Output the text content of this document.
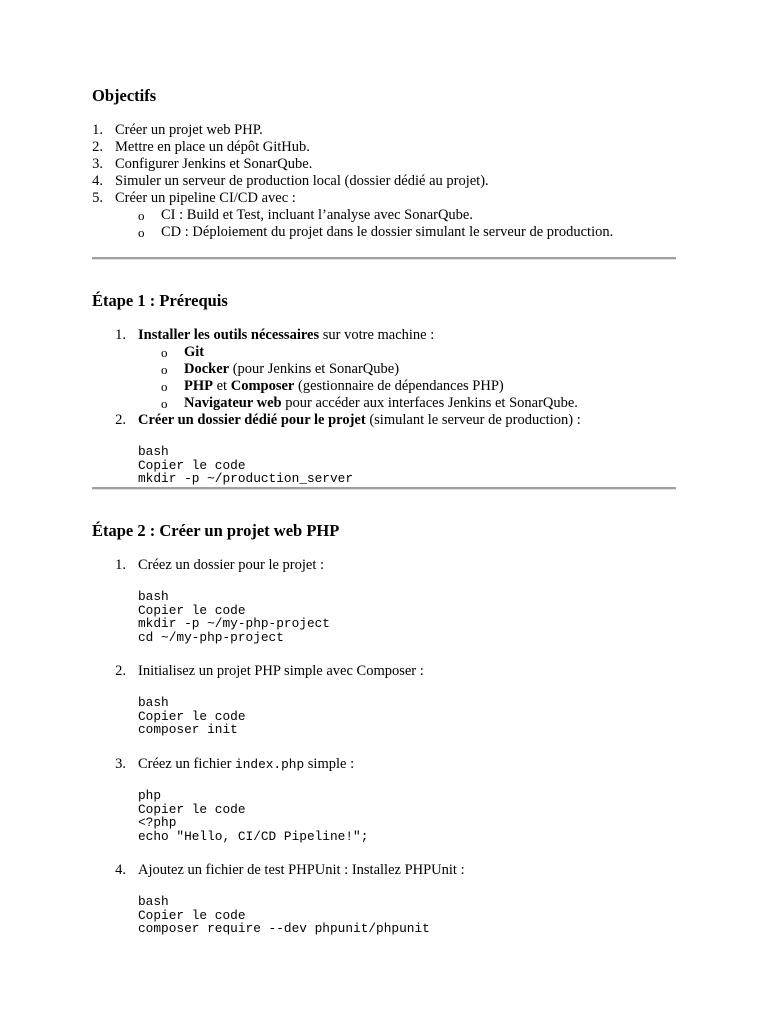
Objectifs
1. Créer un projet web PHP.
2. Mettre en place un dépôt GitHub.
3. Configurer Jenkins et SonarQube.
4. Simuler un serveur de production local (dossier dédié au projet).
5. Créer un pipeline CI/CD avec :
o CI : Build et Test, incluant l’analyse avec SonarQube.
o CD : Déploiement du projet dans le dossier simulant le serveur de production.
Étape 1 : Prérequis
1. Installer les outils nécessaires sur votre machine :
o Git
o Docker (pour Jenkins et SonarQube)
o PHP et Composer (gestionnaire de dépendances PHP)
o Navigateur web pour accéder aux interfaces Jenkins et SonarQube.
2. Créer un dossier dédié pour le projet (simulant le serveur de production) :
bash
Copier le code
mkdir -p ~/production_server
Étape 2 : Créer un projet web PHP
1. Créez un dossier pour le projet :
bash
Copier le code
mkdir -p ~/my-php-project
cd ~/my-php-project
2. Initialisez un projet PHP simple avec Composer :
bash
Copier le code
composer init
3. Créez un fichier index.php simple :
php
Copier le code
<?php
echo "Hello, CI/CD Pipeline!";
4. Ajoutez un fichier de test PHPUnit : Installez PHPUnit :
bash
Copier le code
composer require --dev phpunit/phpunit
